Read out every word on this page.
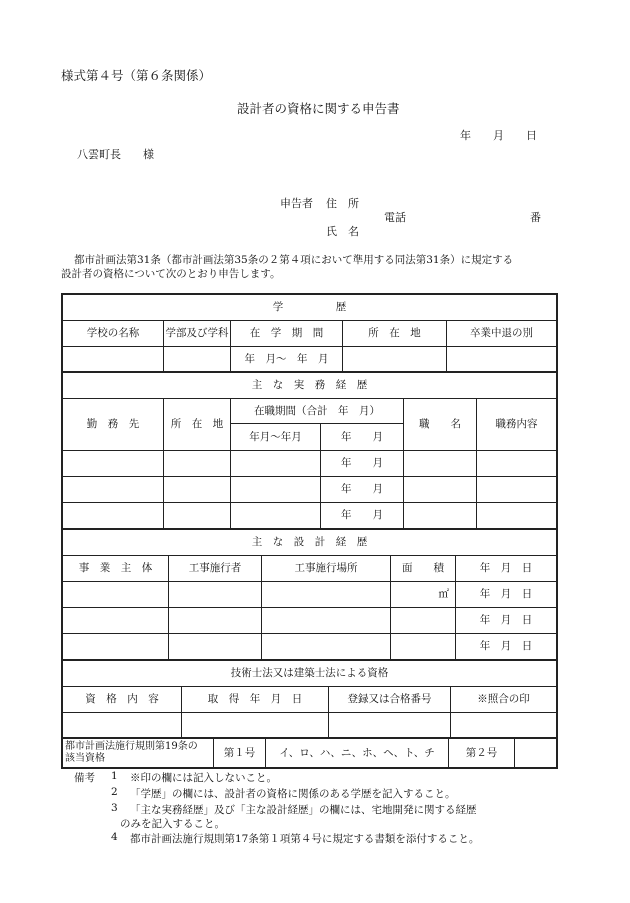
様式第４号（第６条関係）
設計者の資格に関する申告書
年　　月　　日
八雲町長　　様
申告者 住　所
電話	番
氏　名
都市計画法第31条（都市計画法第35条の２第４項において準用する同法第31条）に規定する
設計者の資格について次のとおり申告します。
学　　　　　歴				
学校の名称	学部及び学科	在　学　期　間	所　在　地	卒業中退の別
		年　月～　年　月		
主　な　実　務　経　歴					
勤　務　先	所　在　地	在職期間（合計　年　月）		職　　名	職務内容
		年月～年月	年　　月		
			年　　月		
			年　　月		
			年　　月		
主　な　設　計　経　歴				
事　業　主　体	工事施行者	工事施行場所	面　　積	年　月　日
			㎡	年　月　日
				年　月　日
				年　月　日
技術士法又は建築士法による資格			
資　格　内　容	取　得　年　月　日	登録又は合格番号	※照合の印

都市計画法施行規則第19条の
該当資格	第１号	イ、ロ、ハ、ニ、ホ、ヘ、ト、チ	第２号	
備考 1 ※印の欄には記入しないこと。
2 「学歴」の欄には、設計者の資格に関係のある学歴を記入すること。
3 「主な実務経歴」及び「主な設計経歴」の欄には、宅地開発に関する経歴
のみを記入すること。
4 都市計画法施行規則第17条第１項第４号に規定する書類を添付すること。
